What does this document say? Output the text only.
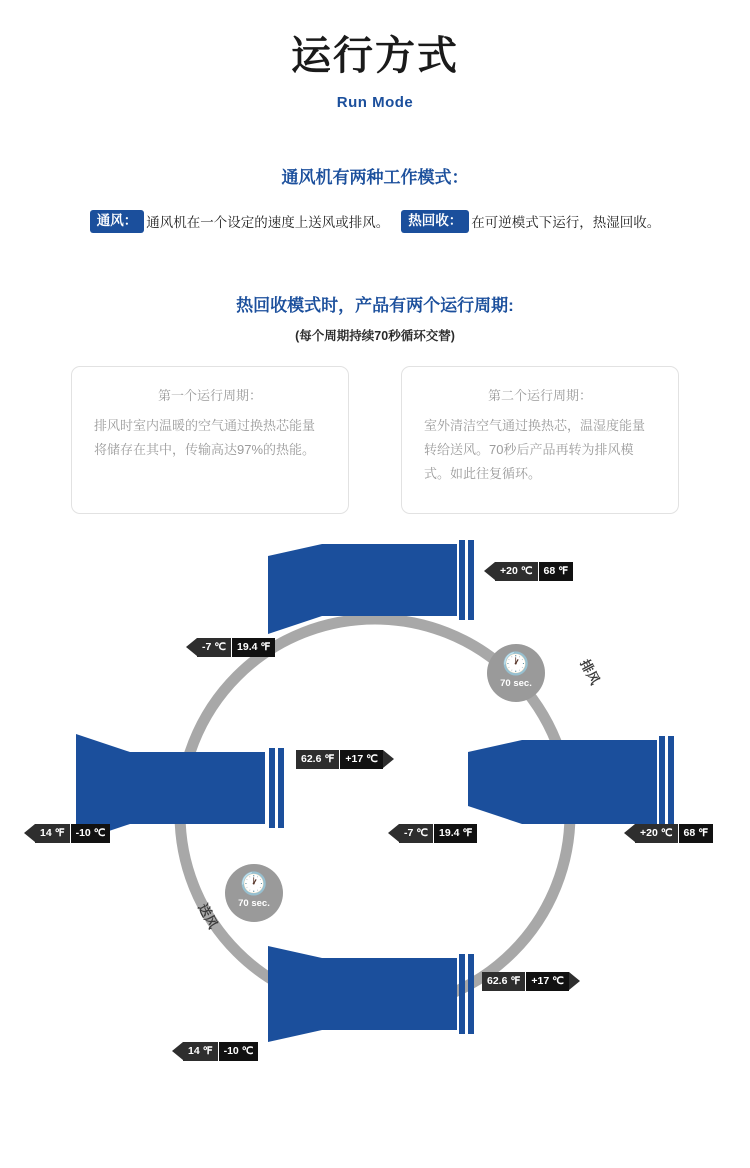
运行方式
Run Mode
通风机有两种工作模式：
通风： 通风机在一个设定的速度上送风或排风。	热回收： 在可逆模式下运行，热湿回收。
热回收模式时，产品有两个运行周期:
(每个周期持续70秒循环交替)
第一个运行周期：
排风时室内温暖的空气通过换热芯能量将储存在其中，传输高达97%的热能。
第二个运行周期：
室外清洁空气通过换热芯，温湿度能量转给送风。70秒后产品再转为排风模式。如此往复循环。
🕐
70 sec.
🕐
70 sec.
排风
送风
+20 ℃	68 ℉
-7 ℃	19.4 ℉
14 ℉	-10 ℃
62.6 ℉	+17 ℃
+20 ℃	68 ℉
-7 ℃	19.4 ℉
62.6 ℉	+17 ℃
14 ℉	-10 ℃
